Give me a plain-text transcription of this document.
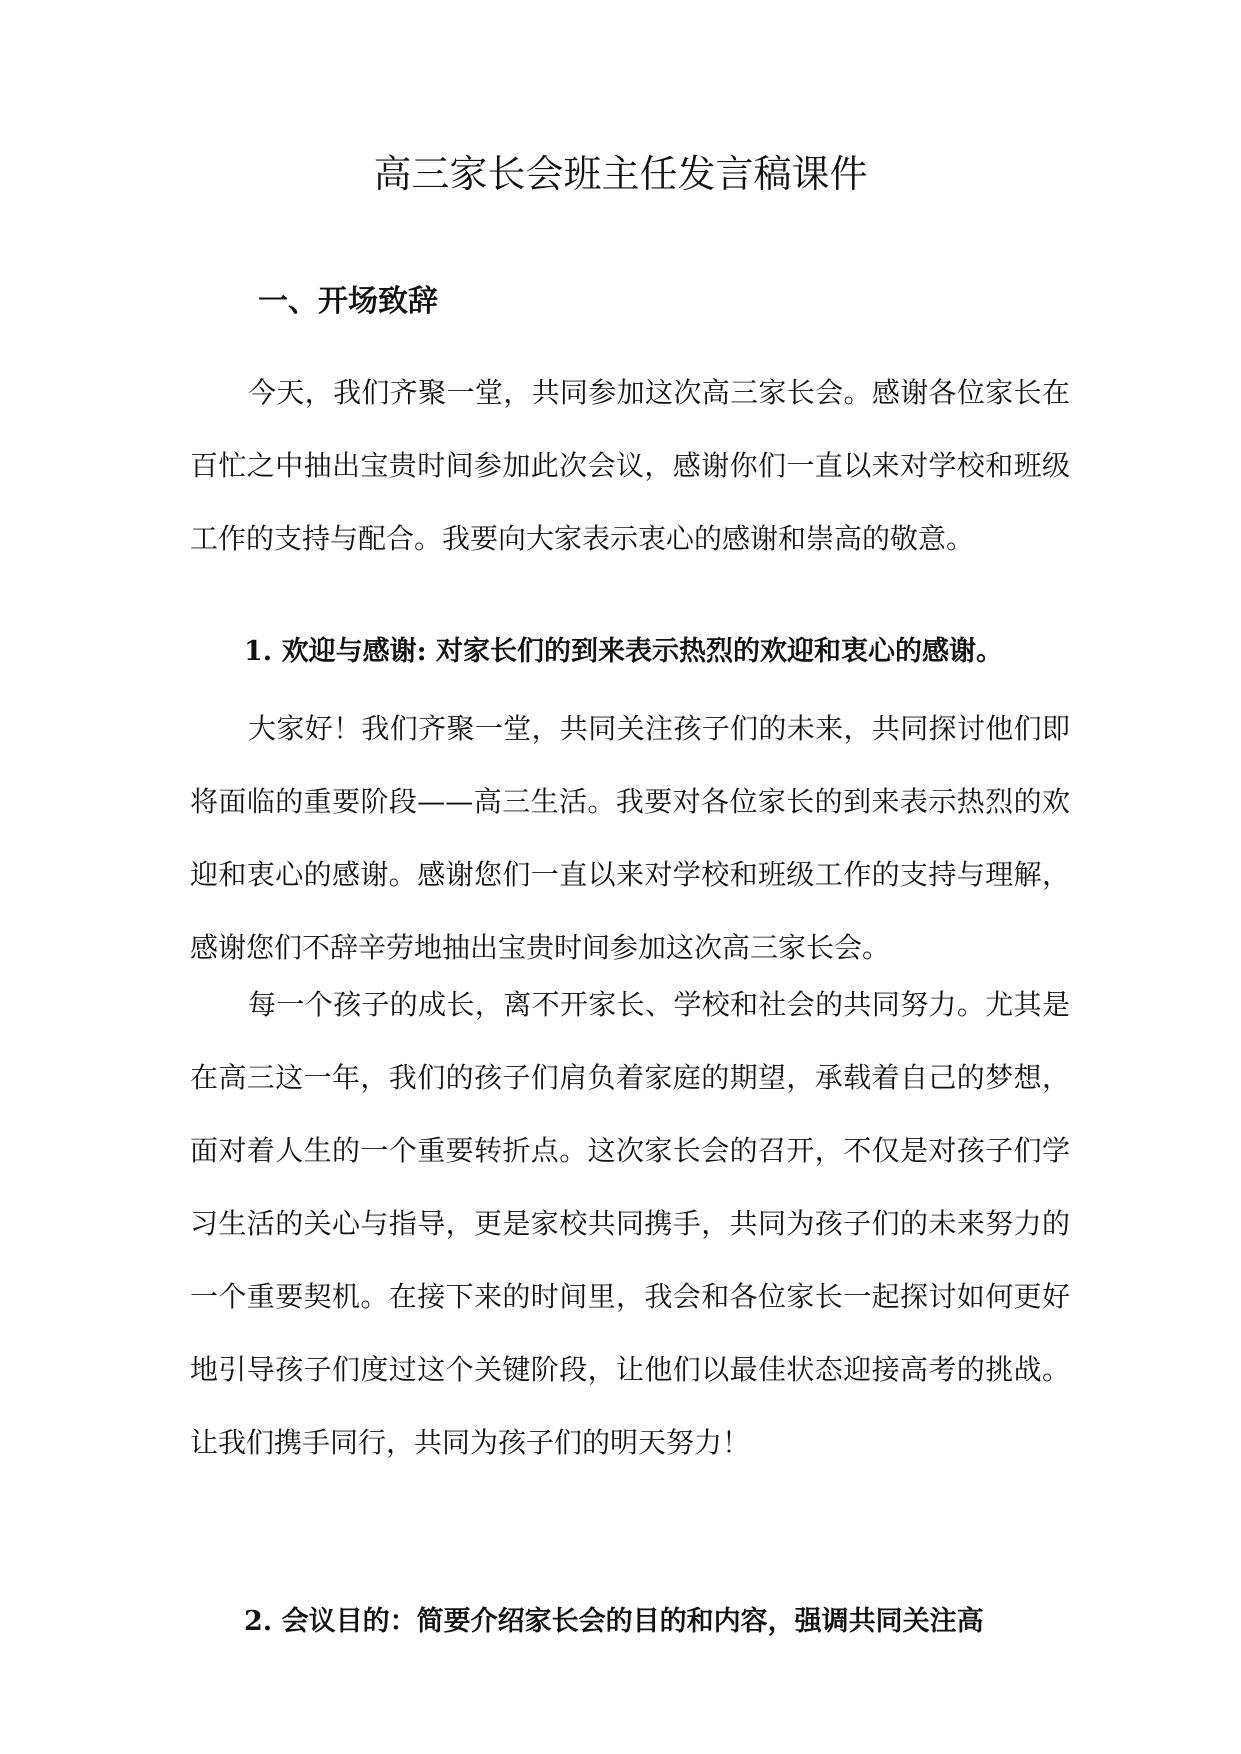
高三家长会班主任发言稿课件
一、开场致辞

今天，我们齐聚一堂，共同参加这次高三家长会。感谢各位家长在百忙之中抽出宝贵时间参加此次会议，感谢你们一直以来对学校和班级工作的支持与配合。我要向大家表示衷心的感谢和崇高的敬意。

1. 欢迎与感谢: 对家长们的到来表示热烈的欢迎和衷心的感谢。

大家好！我们齐聚一堂，共同关注孩子们的未来，共同探讨他们即将面临的重要阶段——高三生活。我要对各位家长的到来表示热烈的欢迎和衷心的感谢。感谢您们一直以来对学校和班级工作的支持与理解，感谢您们不辞辛劳地抽出宝贵时间参加这次高三家长会。

每一个孩子的成长，离不开家长、学校和社会的共同努力。尤其是在高三这一年，我们的孩子们肩负着家庭的期望，承载着自己的梦想，面对着人生的一个重要转折点。这次家长会的召开，不仅是对孩子们学习生活的关心与指导，更是家校共同携手，共同为孩子们的未来努力的一个重要契机。在接下来的时间里，我会和各位家长一起探讨如何更好地引导孩子们度过这个关键阶段，让他们以最佳状态迎接高考的挑战。让我们携手同行，共同为孩子们的明天努力！

2. 会议目的：简要介绍家长会的目的和内容，强调共同关注高
